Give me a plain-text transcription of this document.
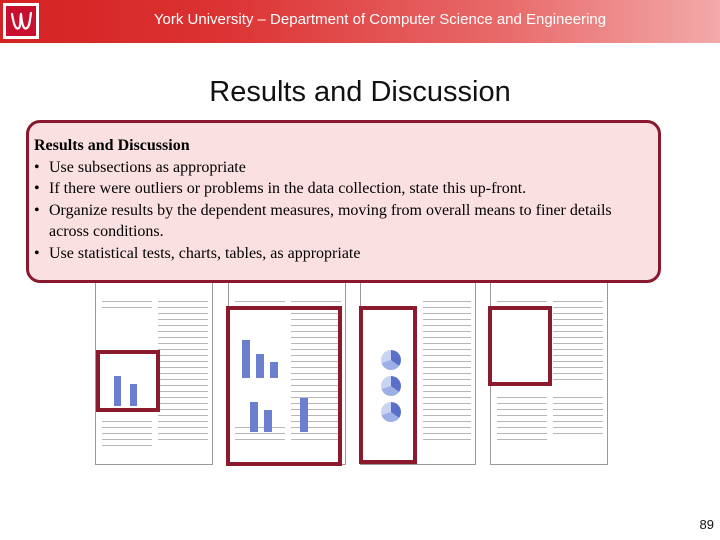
York University – Department of Computer Science and Engineering
Results and Discussion
Results and Discussion
• Use subsections as appropriate
• If there were outliers or problems in the data collection, state this up-front.
• Organize results by the dependent measures, moving from overall means to finer details across conditions.
• Use statistical tests, charts, tables, as appropriate
89
